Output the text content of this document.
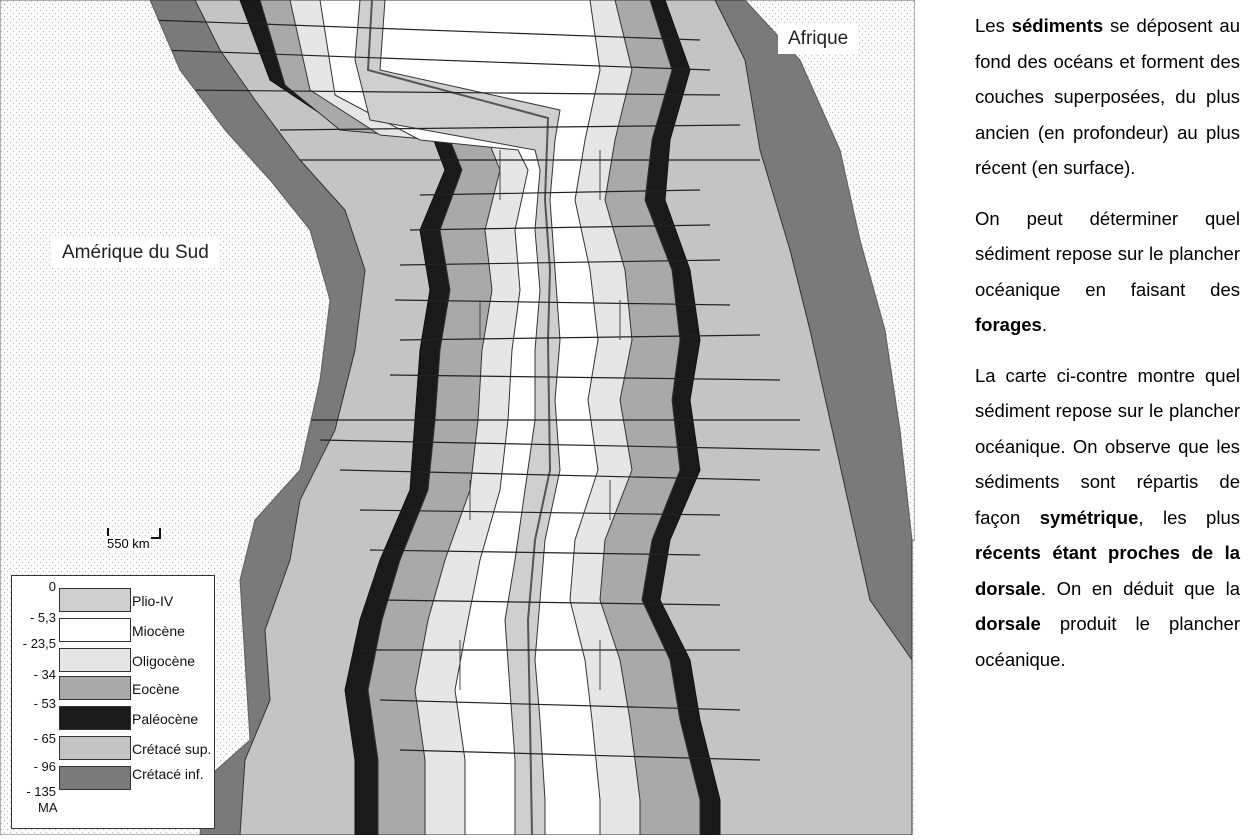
Afrique
Amérique du Sud
550 km
0
- 5,3
- 23,5
- 34
- 53
- 65
- 96
- 135
MA
Plio-IV
Miocène
Oligocène
Eocène
Paléocène
Crétacé sup.
Crétacé inf.

Les sédiments se déposent au fond des océans et forment des couches superposées, du plus ancien (en profondeur) au plus récent (en surface).

On peut déterminer quel sédiment repose sur le plancher océanique en faisant des forages.

La carte ci-contre montre quel sédiment repose sur le plancher océanique. On observe que les sédiments sont répartis de façon symétrique, les plus récents étant proches de la dorsale. On en déduit que la dorsale produit le plancher océanique.
